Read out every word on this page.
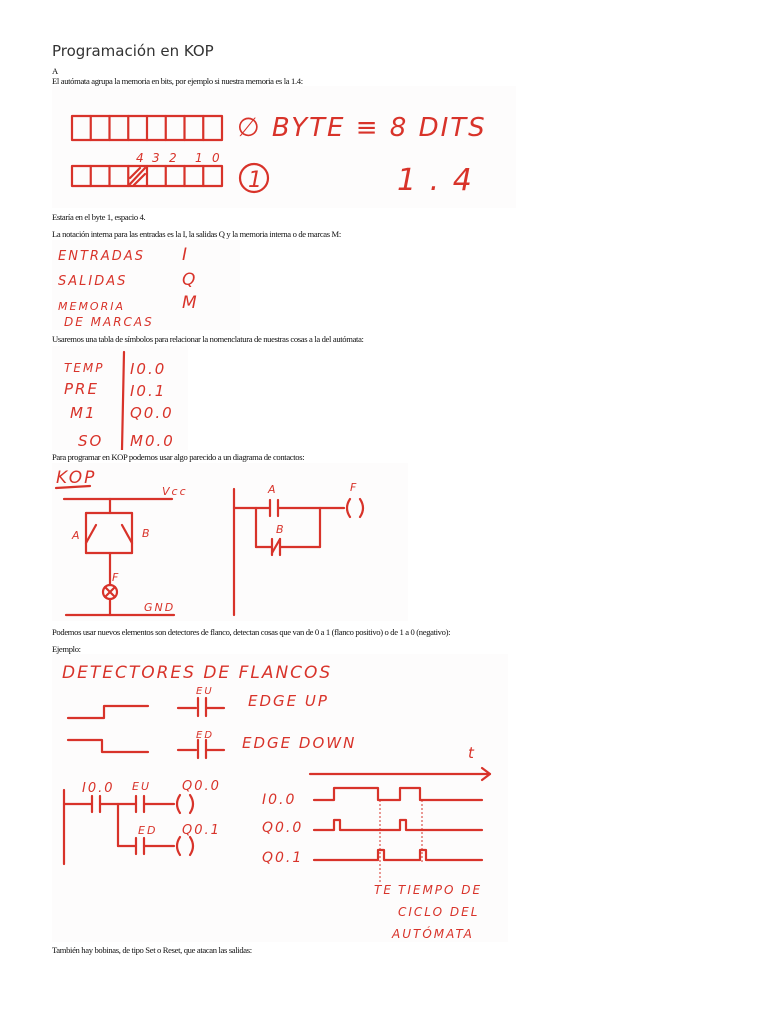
Programación en KOP
A
El autómata agrupa la memoria en bits, por ejemplo si nuestra memoria es la 1.4:
∅ BYTE ≡ 8 DITS
4 3 2 1 0
1	1 . 4
Estaría en el byte 1, espacio 4.
La notación interna para las entradas es la I, la salidas Q y la memoria interna o de marcas M:
ENTRADAS I
SALIDAS	Q
MEMORIA	M
DE MARCAS
Usaremos una tabla de símbolos para relacionar la nomenclatura de nuestras cosas a la del autómata:
TEMP I0.0
PRE I0.1
M1 Q0.0
SO M0.0
Para programar en KOP podemos usar algo parecido a un diagrama de contactos:
KOP
Vcc
A	B
F
GND
A	F
B
Podemos usar nuevos elementos son detectores de flanco, detectan cosas que van de 0 a 1 (flanco positivo) o de 1 a 0 (negativo):
Ejemplo:
DETECTORES DE FLANCOS
EU
EDGE UP
ED EDGE DOWN
I0.0 EU Q0.0
ED Q0.1
t
I0.0
Q0.0
Q0.1
TE TIEMPO DE
CICLO DEL
AUTÓMATA
También hay bobinas, de tipo Set o Reset, que atacan las salidas:
